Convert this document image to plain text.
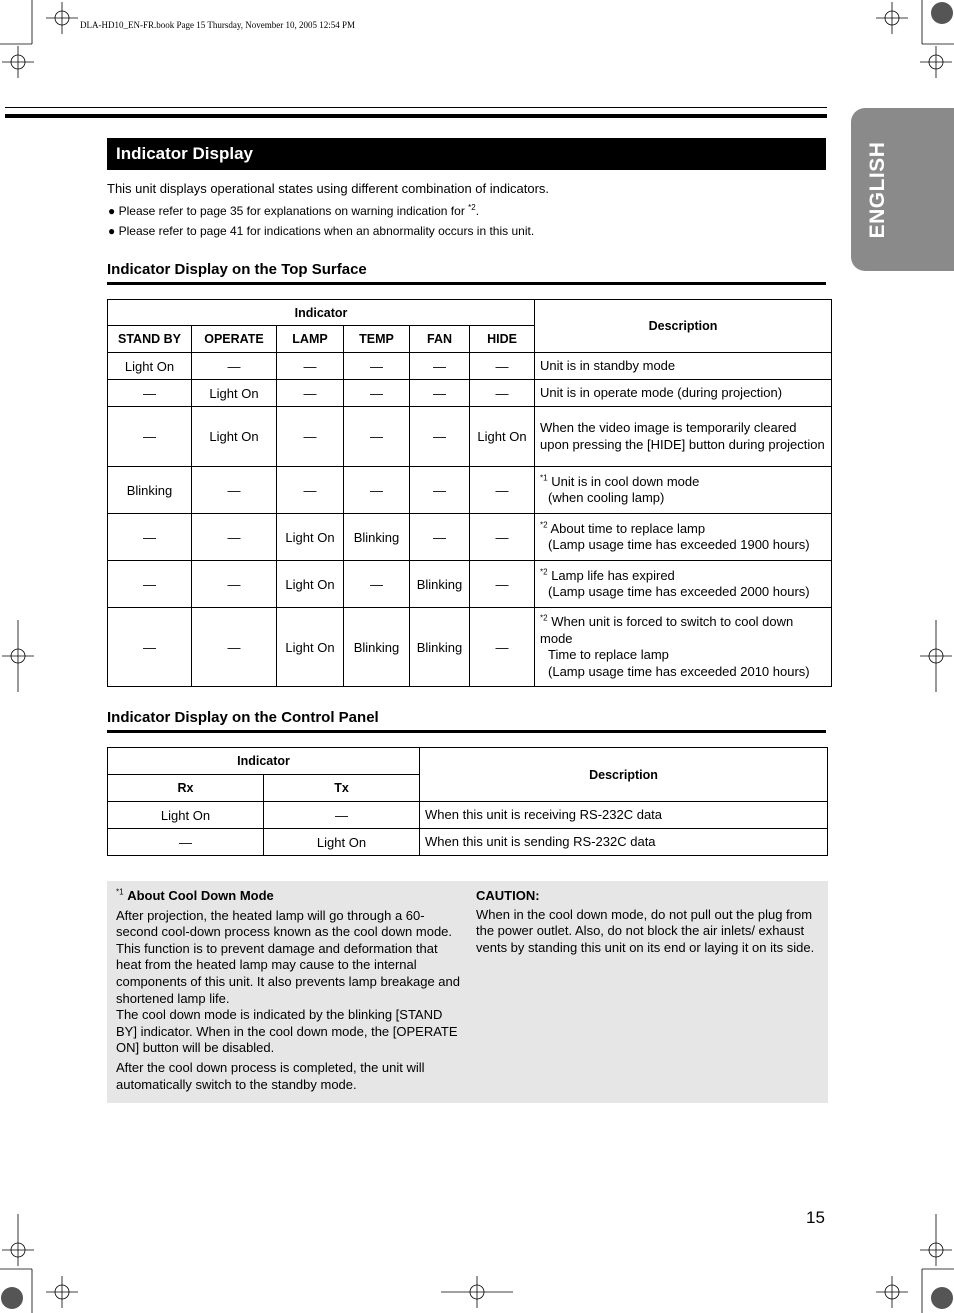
DLA-HD10_EN-FR.book Page 15 Thursday, November 10, 2005 12:54 PM
ENGLISH
Indicator Display
This unit displays operational states using different combination of indicators.
● Please refer to page 35 for explanations on warning indication for $^{*2}$.
● Please refer to page 41 for indications when an abnormality occurs in this unit.
Indicator Display on the Top Surface
Indicator						Description
STAND BY	OPERATE	LAMP	TEMP	FAN	HIDE	
Light On	—	—	—	—	—	Unit is in standby mode

—	Light On	—	—	—	—	Unit is in operate mode (during projection)

—	Light On	—	—	—	Light On	When the video image is temporarily cleared upon pressing the [HIDE] button during projection

Blinking	—	—	—	—	—	$^{*1}$ Unit is in cool down mode
(when cooling lamp)

—	—	Light On	Blinking	—	—	$^{*2}$ About time to replace lamp
(Lamp usage time has exceeded 1900 hours)

—	—	Light On	—	Blinking	—	$^{*2}$ Lamp life has expired
(Lamp usage time has exceeded 2000 hours)

—	—	Light On	Blinking	Blinking	—	$^{*2}$ When unit is forced to switch to cool down mode
Time to replace lamp
(Lamp usage time has exceeded 2010 hours)
Indicator Display on the Control Panel
Indicator		Description
Rx	Tx	
Light On	—	When this unit is receiving RS-232C data
—	Light On	When this unit is sending RS-232C data
$^{*1}$ About Cool Down Mode
After projection, the heated lamp will go through a 60-second cool-down process known as the cool down mode. This function is to prevent damage and deformation that heat from the heated lamp may cause to the internal components of this unit. It also prevents lamp breakage and shortened lamp life.
The cool down mode is indicated by the blinking [STAND BY] indicator. When in the cool down mode, the [OPERATE ON] button will be disabled.
After the cool down process is completed, the unit will automatically switch to the standby mode.
CAUTION:
When in the cool down mode, do not pull out the plug from the power outlet. Also, do not block the air inlets/ exhaust vents by standing this unit on its end or laying it on its side.
15
